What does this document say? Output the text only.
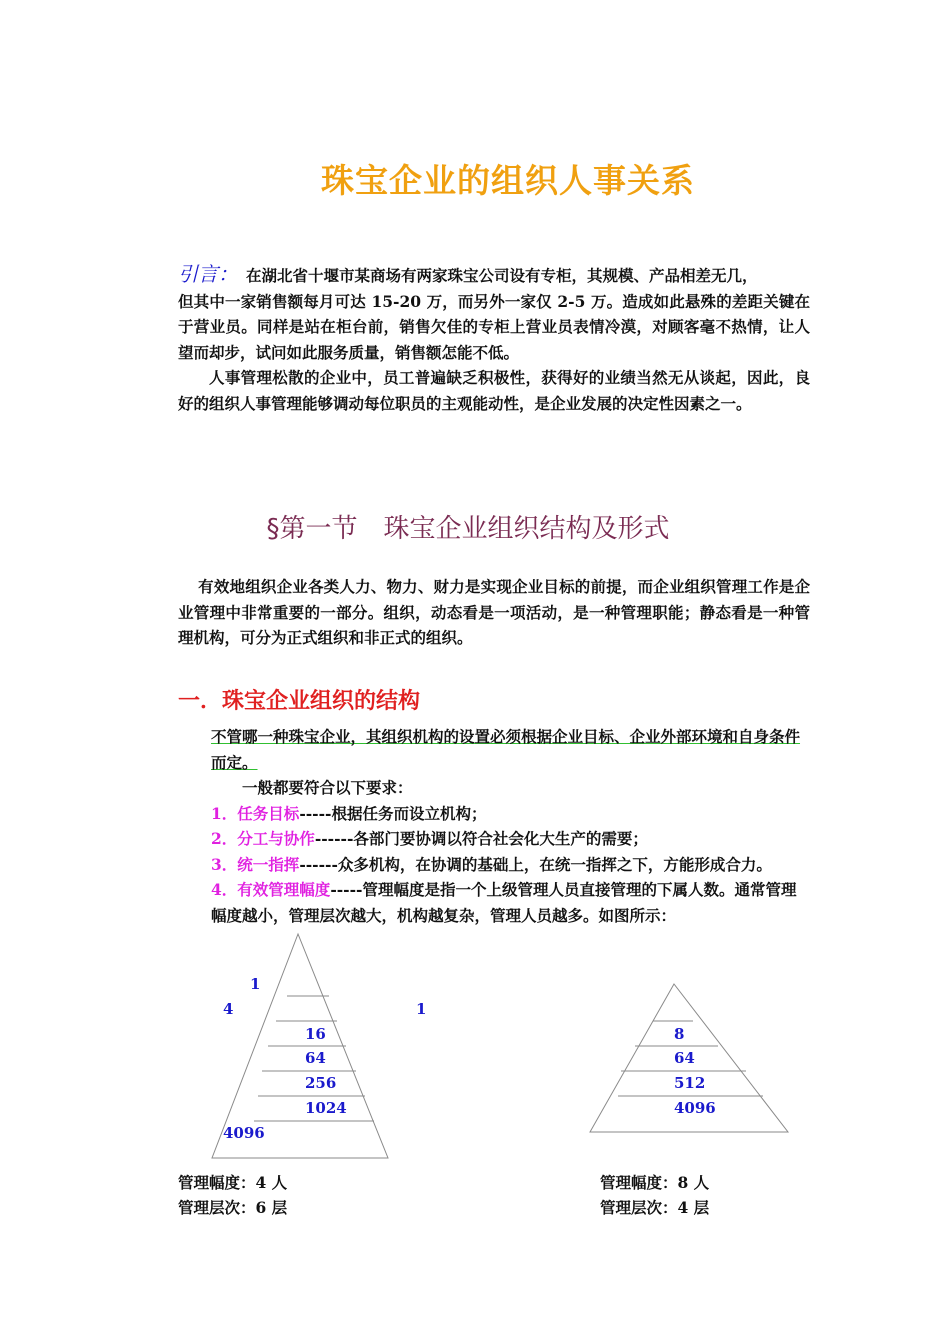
珠宝企业的组织人事关系

引言： 在湖北省十堰市某商场有两家珠宝公司设有专柜，其规模、产品相差无几，

但其中一家销售额每月可达 15-20 万，而另外一家仅 2-5 万。造成如此悬殊的差距关键在于营业员。同样是站在柜台前，销售欠佳的专柜上营业员表情冷漠，对顾客毫不热情，让人望而却步，试问如此服务质量，销售额怎能不低。

人事管理松散的企业中，员工普遍缺乏积极性，获得好的业绩当然无从谈起，因此，良好的组织人事管理能够调动每位职员的主观能动性，是企业发展的决定性因素之一。

§第一节　珠宝企业组织结构及形式

有效地组织企业各类人力、物力、财力是实现企业目标的前提，而企业组织管理工作是企业管理中非常重要的一部分。组织，动态看是一项活动，是一种管理职能；静态看是一种管理机构，可分为正式组织和非正式的组织。

一．珠宝企业组织的结构

不管哪一种珠宝企业，其组织机构的设置必须根据企业目标、企业外部环境和自身条件而定。

一般都要符合以下要求：

1．任务目标-----根据任务而设立机构；

2．分工与协作------各部门要协调以符合社会化大生产的需要；

3．统一指挥------众多机构，在协调的基础上，在统一指挥之下，方能形成合力。

4．有效管理幅度-----管理幅度是指一个上级管理人员直接管理的下属人数。通常管理幅度越小，管理层次越大，机构越复杂，管理人员越多。如图所示：

1
4
16
64
256
1024
4096
1
8
64
512
4096
管理幅度：4 人
管理层次：6 层
管理幅度：8 人
管理层次：4 层
